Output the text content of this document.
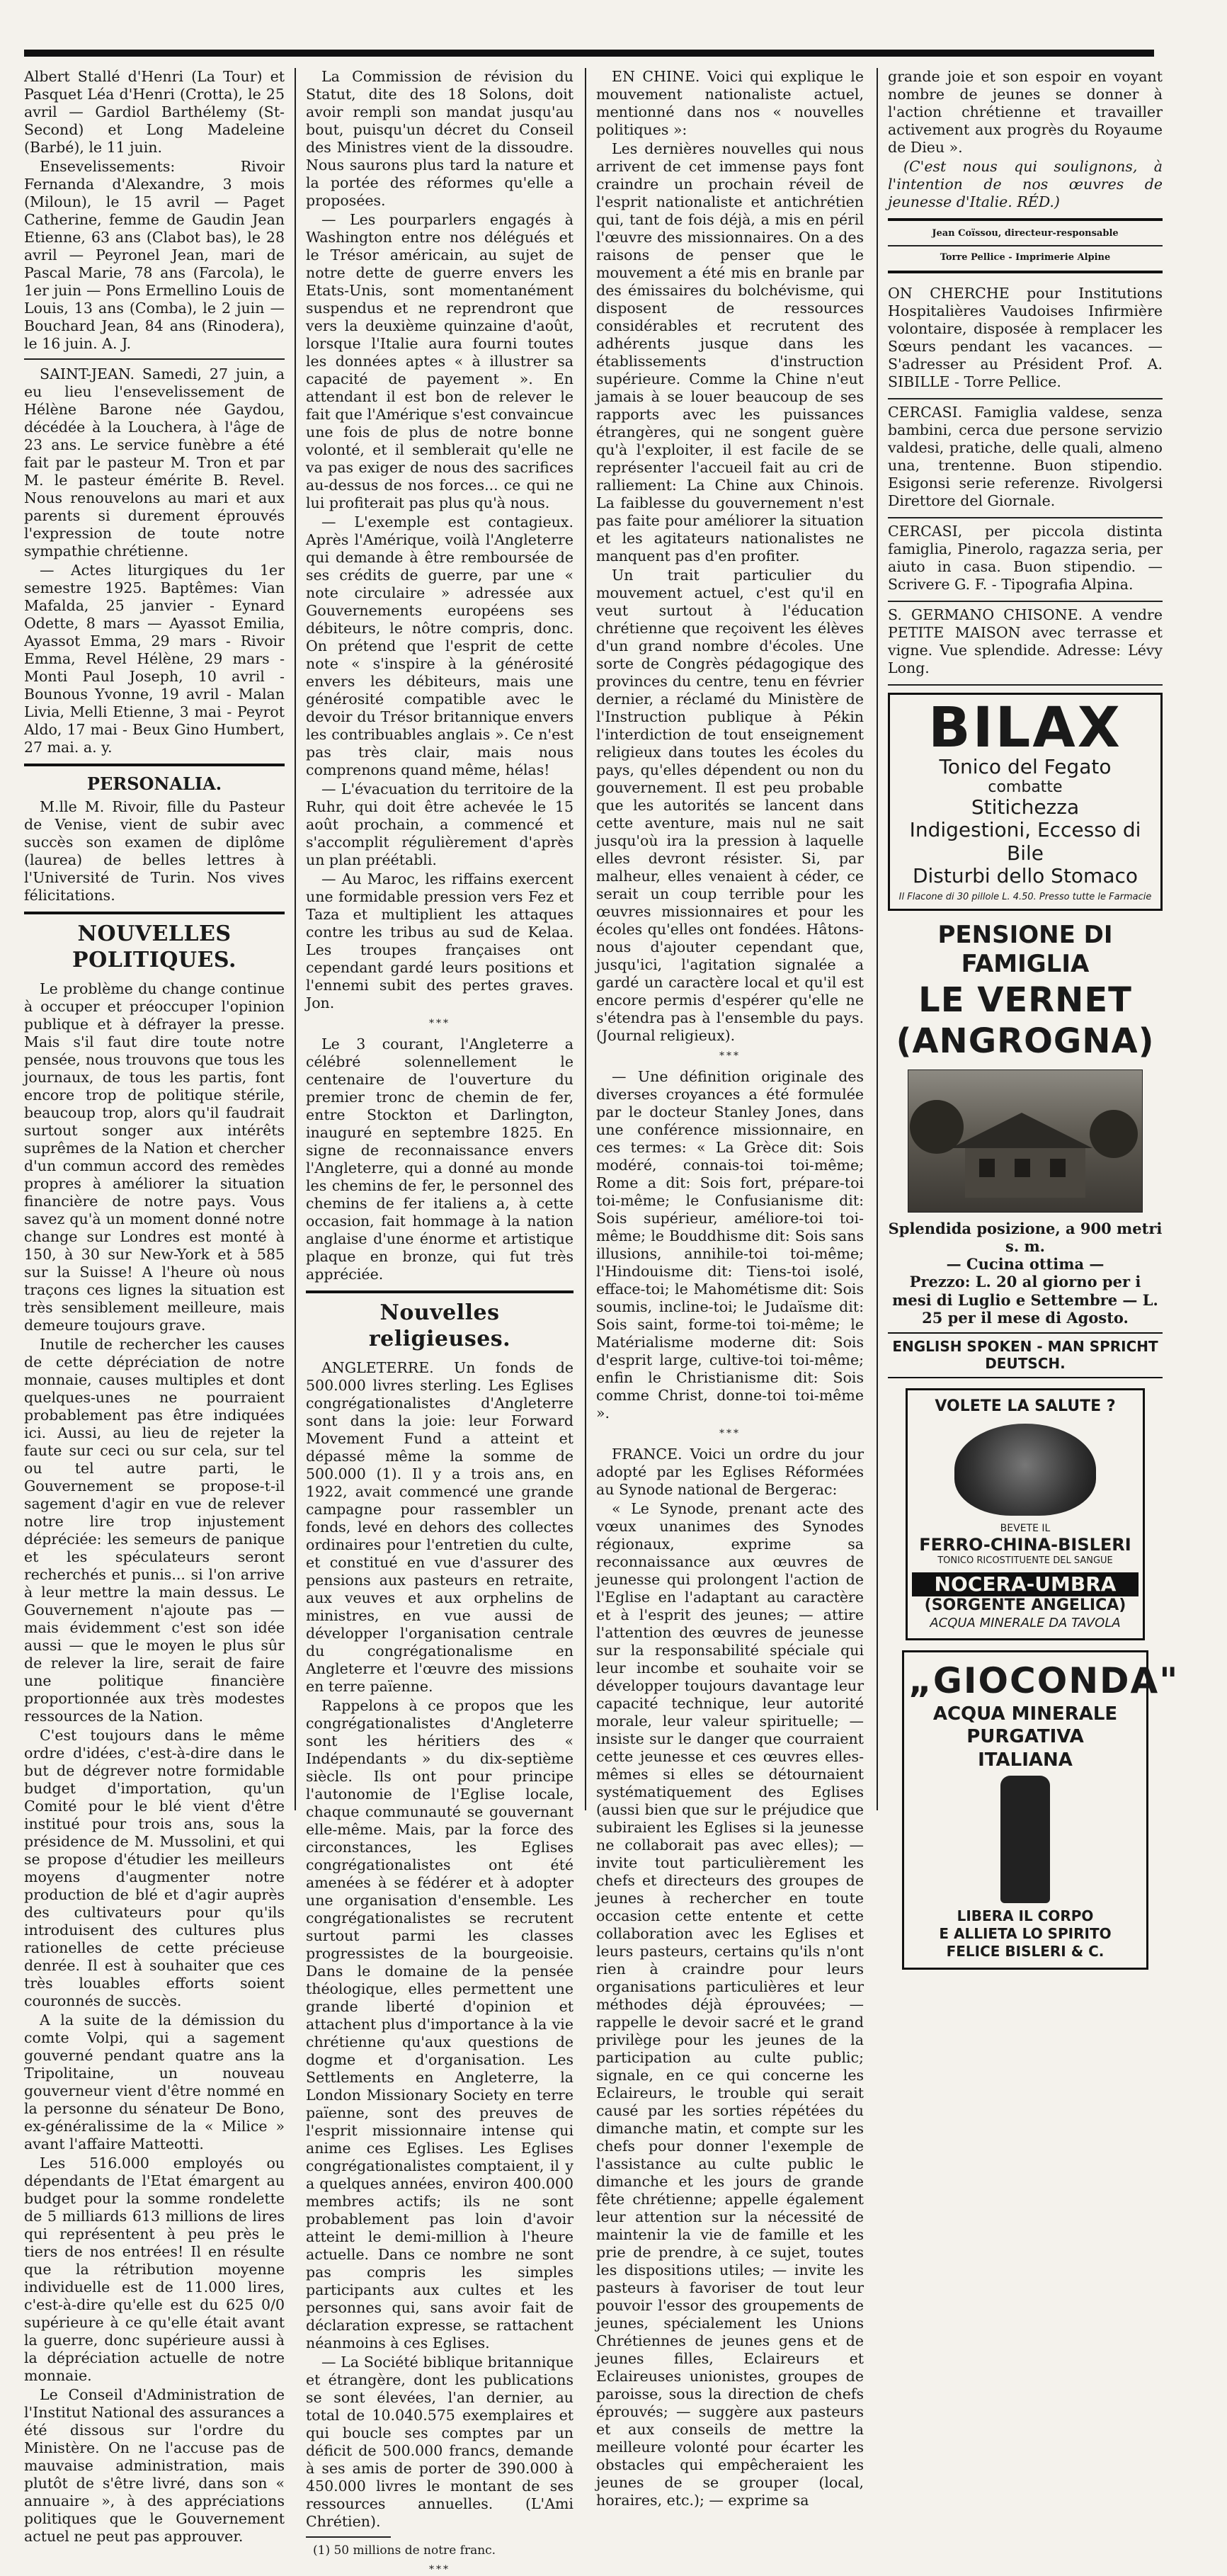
Albert Stallé d'Henri (La Tour) et Pasquet Léa d'Henri (Crotta), le 25 avril — Gardiol Barthélemy (St-Second) et Long Madeleine (Barbé), le 11 juin.

Ensevelissements: Rivoir Fernanda d'Alexandre, 3 mois (Miloun), le 15 avril — Paget Catherine, femme de Gaudin Jean Etienne, 63 ans (Clabot bas), le 28 avril — Peyronel Jean, mari de Pascal Marie, 78 ans (Farcola), le 1er juin — Pons Ermellino Louis de Louis, 13 ans (Comba), le 2 juin — Bouchard Jean, 84 ans (Rinodera), le 16 juin. A. J.

SAINT-JEAN. Samedi, 27 juin, a eu lieu l'ensevelissement de Hélène Barone née Gaydou, décédée à la Louchera, à l'âge de 23 ans. Le service funèbre a été fait par le pasteur M. Tron et par M. le pasteur émérite B. Revel. Nous renouvelons au mari et aux parents si durement éprouvés l'expression de toute notre sympathie chrétienne.

— Actes liturgiques du 1er semestre 1925. Baptêmes: Vian Mafalda, 25 janvier - Eynard Odette, 8 mars — Ayassot Emilia, Ayassot Emma, 29 mars - Rivoir Emma, Revel Hélène, 29 mars - Monti Paul Joseph, 10 avril - Bounous Yvonne, 19 avril - Malan Livia, Melli Etienne, 3 mai - Peyrot Aldo, 17 mai - Beux Gino Humbert, 27 mai. a. y.

PERSONALIA.

M.lle M. Rivoir, fille du Pasteur de Venise, vient de subir avec succès son examen de diplôme (laurea) de belles lettres à l'Université de Turin. Nos vives félicitations.

NOUVELLES POLITIQUES.

Le problème du change continue à occuper et préoccuper l'opinion publique et à défrayer la presse. Mais s'il faut dire toute notre pensée, nous trouvons que tous les journaux, de tous les partis, font encore trop de politique stérile, beaucoup trop, alors qu'il faudrait surtout songer aux intérêts suprêmes de la Nation et chercher d'un commun accord des remèdes propres à améliorer la situation financière de notre pays. Vous savez qu'à un moment donné notre change sur Londres est monté à 150, à 30 sur New-York et à 585 sur la Suisse! A l'heure où nous traçons ces lignes la situation est très sensiblement meilleure, mais demeure toujours grave.

Inutile de rechercher les causes de cette dépréciation de notre monnaie, causes multiples et dont quelques-unes ne pourraient probablement pas être indiquées ici. Aussi, au lieu de rejeter la faute sur ceci ou sur cela, sur tel ou tel autre parti, le Gouvernement se propose-t-il sagement d'agir en vue de relever notre lire trop injustement dépréciée: les semeurs de panique et les spéculateurs seront recherchés et punis... si l'on arrive à leur mettre la main dessus. Le Gouvernement n'ajoute pas — mais évidemment c'est son idée aussi — que le moyen le plus sûr de relever la lire, serait de faire une politique financière proportionnée aux très modestes ressources de la Nation.

C'est toujours dans le même ordre d'idées, c'est-à-dire dans le but de dégrever notre formidable budget d'importation, qu'un Comité pour le blé vient d'être institué pour trois ans, sous la présidence de M. Mussolini, et qui se propose d'étudier les meilleurs moyens d'augmenter notre production de blé et d'agir auprès des cultivateurs pour qu'ils introduisent des cultures plus rationelles de cette précieuse denrée. Il est à souhaiter que ces très louables efforts soient couronnés de succès.

A la suite de la démission du comte Volpi, qui a sagement gouverné pendant quatre ans la Tripolitaine, un nouveau gouverneur vient d'être nommé en la personne du sénateur De Bono, ex-généralissime de la « Milice » avant l'affaire Matteotti.

Les 516.000 employés ou dépendants de l'Etat émargent au budget pour la somme rondelette de 5 milliards 613 millions de lires qui représentent à peu près le tiers de nos entrées! Il en résulte que la rétribution moyenne individuelle est de 11.000 lires, c'est-à-dire qu'elle est du 625 0/0 supérieure à ce qu'elle était avant la guerre, donc supérieure aussi à la dépréciation actuelle de notre monnaie.

Le Conseil d'Administration de l'Institut National des assurances a été dissous sur l'ordre du Ministère. On ne l'accuse pas de mauvaise administration, mais plutôt de s'être livré, dans son « annuaire », à des appréciations politiques que le Gouvernement actuel ne peut pas approuver.

La Commission de révision du Statut, dite des 18 Solons, doit avoir rempli son mandat jusqu'au bout, puisqu'un décret du Conseil des Ministres vient de la dissoudre. Nous saurons plus tard la nature et la portée des réformes qu'elle a proposées.

— Les pourparlers engagés à Washington entre nos délégués et le Trésor américain, au sujet de notre dette de guerre envers les Etats-Unis, sont momentanément suspendus et ne reprendront que vers la deuxième quinzaine d'août, lorsque l'Italie aura fourni toutes les données aptes « à illustrer sa capacité de payement ». En attendant il est bon de relever le fait que l'Amérique s'est convaincue une fois de plus de notre bonne volonté, et il semblerait qu'elle ne va pas exiger de nous des sacrifices au-dessus de nos forces... ce qui ne lui profiterait pas plus qu'à nous.

— L'exemple est contagieux. Après l'Amérique, voilà l'Angleterre qui demande à être remboursée de ses crédits de guerre, par une « note circulaire » adressée aux Gouvernements européens ses débiteurs, le nôtre compris, donc. On prétend que l'esprit de cette note « s'inspire à la générosité envers les débiteurs, mais une générosité compatible avec le devoir du Trésor britannique envers les contribuables anglais ». Ce n'est pas très clair, mais nous comprenons quand même, hélas!

— L'évacuation du territoire de la Ruhr, qui doit être achevée le 15 août prochain, a commencé et s'accomplit régulièrement d'après un plan préétabli.

— Au Maroc, les riffains exercent une formidable pression vers Fez et Taza et multiplient les attaques contre les tribus au sud de Kelaa. Les troupes françaises ont cependant gardé leurs positions et l'ennemi subit des pertes graves. Jon.

***

Le 3 courant, l'Angleterre a célébré solennellement le centenaire de l'ouverture du premier tronc de chemin de fer, entre Stockton et Darlington, inauguré en septembre 1825. En signe de reconnaissance envers l'Angleterre, qui a donné au monde les chemins de fer, le personnel des chemins de fer italiens a, à cette occasion, fait hommage à la nation anglaise d'une énorme et artistique plaque en bronze, qui fut très appréciée.

Nouvelles religieuses.

ANGLETERRE. Un fonds de 500.000 livres sterling. Les Eglises congrégationalistes d'Angleterre sont dans la joie: leur Forward Movement Fund a atteint et dépassé même la somme de 500.000 (1). Il y a trois ans, en 1922, avait commencé une grande campagne pour rassembler un fonds, levé en dehors des collectes ordinaires pour l'entretien du culte, et constitué en vue d'assurer des pensions aux pasteurs en retraite, aux veuves et aux orphelins de ministres, en vue aussi de développer l'organisation centrale du congrégationalisme en Angleterre et l'œuvre des missions en terre païenne.

Rappelons à ce propos que les congrégationalistes d'Angleterre sont les héritiers des « Indépendants » du dix-septième siècle. Ils ont pour principe l'autonomie de l'Eglise locale, chaque communauté se gouvernant elle-même. Mais, par la force des circonstances, les Eglises congrégationalistes ont été amenées à se fédérer et à adopter une organisation d'ensemble. Les congrégationalistes se recrutent surtout parmi les classes progressistes de la bourgeoisie. Dans le domaine de la pensée théologique, elles permettent une grande liberté d'opinion et attachent plus d'importance à la vie chrétienne qu'aux questions de dogme et d'organisation. Les Settlements en Angleterre, la London Missionary Society en terre païenne, sont des preuves de l'esprit missionnaire intense qui anime ces Eglises. Les Eglises congrégationalistes comptaient, il y a quelques années, environ 400.000 membres actifs; ils ne sont probablement pas loin d'avoir atteint le demi-million à l'heure actuelle. Dans ce nombre ne sont pas compris les simples participants aux cultes et les personnes qui, sans avoir fait de déclaration expresse, se rattachent néanmoins à ces Eglises.

— La Société biblique britannique et étrangère, dont les publications se sont élevées, l'an dernier, au total de 10.040.575 exemplaires et qui boucle ses comptes par un déficit de 500.000 francs, demande à ses amis de porter de 390.000 à 450.000 livres le montant de ses ressources annuelles. (L'Ami Chrétien).

(1) 50 millions de notre franc.

***

EN CHINE. Voici qui explique le mouvement nationaliste actuel, mentionné dans nos « nouvelles politiques »:

Les dernières nouvelles qui nous arrivent de cet immense pays font craindre un prochain réveil de l'esprit nationaliste et antichrétien qui, tant de fois déjà, a mis en péril l'œuvre des missionnaires. On a des raisons de penser que le mouvement a été mis en branle par des émissaires du bolchévisme, qui disposent de ressources considérables et recrutent des adhérents jusque dans les établissements d'instruction supérieure. Comme la Chine n'eut jamais à se louer beaucoup de ses rapports avec les puissances étrangères, qui ne songent guère qu'à l'exploiter, il est facile de se représenter l'accueil fait au cri de ralliement: La Chine aux Chinois. La faiblesse du gouvernement n'est pas faite pour améliorer la situation et les agitateurs nationalistes ne manquent pas d'en profiter.

Un trait particulier du mouvement actuel, c'est qu'il en veut surtout à l'éducation chrétienne que reçoivent les élèves d'un grand nombre d'écoles. Une sorte de Congrès pédagogique des provinces du centre, tenu en février dernier, a réclamé du Ministère de l'Instruction publique à Pékin l'interdiction de tout enseignement religieux dans toutes les écoles du pays, qu'elles dépendent ou non du gouvernement. Il est peu probable que les autorités se lancent dans cette aventure, mais nul ne sait jusqu'où ira la pression à laquelle elles devront résister. Si, par malheur, elles venaient à céder, ce serait un coup terrible pour les œuvres missionnaires et pour les écoles qu'elles ont fondées. Hâtons-nous d'ajouter cependant que, jusqu'ici, l'agitation signalée a gardé un caractère local et qu'il est encore permis d'espérer qu'elle ne s'étendra pas à l'ensemble du pays. (Journal religieux).

***

— Une définition originale des diverses croyances a été formulée par le docteur Stanley Jones, dans une conférence missionnaire, en ces termes: « La Grèce dit: Sois modéré, connais-toi toi-même; Rome a dit: Sois fort, prépare-toi toi-même; le Confusianisme dit: Sois supérieur, améliore-toi toi-même; le Bouddhisme dit: Sois sans illusions, annihile-toi toi-même; l'Hindouisme dit: Tiens-toi isolé, efface-toi; le Mahométisme dit: Sois soumis, incline-toi; le Judaïsme dit: Sois saint, forme-toi toi-même; le Matérialisme moderne dit: Sois d'esprit large, cultive-toi toi-même; enfin le Christianisme dit: Sois comme Christ, donne-toi toi-même ».

***

FRANCE. Voici un ordre du jour adopté par les Eglises Réformées au Synode national de Bergerac:

« Le Synode, prenant acte des vœux unanimes des Synodes régionaux, exprime sa reconnaissance aux œuvres de jeunesse qui prolongent l'action de l'Eglise en l'adaptant au caractère et à l'esprit des jeunes; — attire l'attention des œuvres de jeunesse sur la responsabilité spéciale qui leur incombe et souhaite voir se développer toujours davantage leur capacité technique, leur autorité morale, leur valeur spirituelle; — insiste sur le danger que courraient cette jeunesse et ces œuvres elles-mêmes si elles se détournaient systématiquement des Eglises (aussi bien que sur le préjudice que subiraient les Eglises si la jeunesse ne collaborait pas avec elles); — invite tout particulièrement les chefs et directeurs des groupes de jeunes à rechercher en toute occasion cette entente et cette collaboration avec les Eglises et leurs pasteurs, certains qu'ils n'ont rien à craindre pour leurs organisations particulières et leur méthodes déjà éprouvées; — rappelle le devoir sacré et le grand privilège pour les jeunes de la participation au culte public; signale, en ce qui concerne les Eclaireurs, le trouble qui serait causé par les sorties répétées du dimanche matin, et compte sur les chefs pour donner l'exemple de l'assistance au culte public le dimanche et les jours de grande fête chrétienne; appelle également leur attention sur la nécessité de maintenir la vie de famille et les prie de prendre, à ce sujet, toutes les dispositions utiles; — invite les pasteurs à favoriser de tout leur pouvoir l'essor des groupements de jeunes, spécialement les Unions Chrétiennes de jeunes gens et de jeunes filles, Eclaireurs et Eclaireuses unionistes, groupes de paroisse, sous la direction de chefs éprouvés; — suggère aux pasteurs et aux conseils de mettre la meilleure volonté pour écarter les obstacles qui empêcheraient les jeunes de se grouper (local, horaires, etc.); — exprime sa

grande joie et son espoir en voyant nombre de jeunes se donner à l'action chrétienne et travailler activement aux progrès du Royaume de Dieu ».

(C'est nous qui soulignons, à l'intention de nos œuvres de jeunesse d'Italie. RÉD.)

Jean Coïssou, directeur-responsable
Torre Pellice - Imprimerie Alpine

ON CHERCHE pour Institutions Hospitalières Vaudoises Infirmière volontaire, disposée à remplacer les Sœurs pendant les vacances. — S'adresser au Président Prof. A. SIBILLE - Torre Pellice.

CERCASI. Famiglia valdese, senza bambini, cerca due persone servizio valdesi, pratiche, delle quali, almeno una, trentenne. Buon stipendio. Esigonsi serie referenze. Rivolgersi Direttore del Giornale.

CERCASI, per piccola distinta famiglia, Pinerolo, ragazza seria, per aiuto in casa. Buon stipendio. — Scrivere G. F. - Tipografia Alpina.

S. GERMANO CHISONE. A vendre PETITE MAISON avec terrasse et vigne. Vue splendide. Adresse: Lévy Long.

BILAX
Tonico del Fegato
combatte
Stitichezza
Indigestioni, Eccesso di Bile
Disturbi dello Stomaco
Il Flacone di 30 pillole L. 4.50. Presso tutte le Farmacie
PENSIONE DI FAMIGLIA
LE VERNET (ANGROGNA)
Splendida posizione, a 900 metri s. m.
— Cucina ottima —
Prezzo: L. 20 al giorno per i mesi di Luglio e Settembre — L. 25 per il mese di Agosto.
ENGLISH SPOKEN - MAN SPRICHT DEUTSCH.
VOLETE LA SALUTE ?
BEVETE IL
FERRO-CHINA-BISLERI
TONICO RICOSTITUENTE DEL SANGUE
NOCERA-UMBRA
(SORGENTE ANGELICA)
ACQUA MINERALE DA TAVOLA
„GIOCONDA"
ACQUA MINERALE
PURGATIVA
ITALIANA
LIBERA IL CORPO
E ALLIETA LO SPIRITO
FELICE BISLERI & C.
